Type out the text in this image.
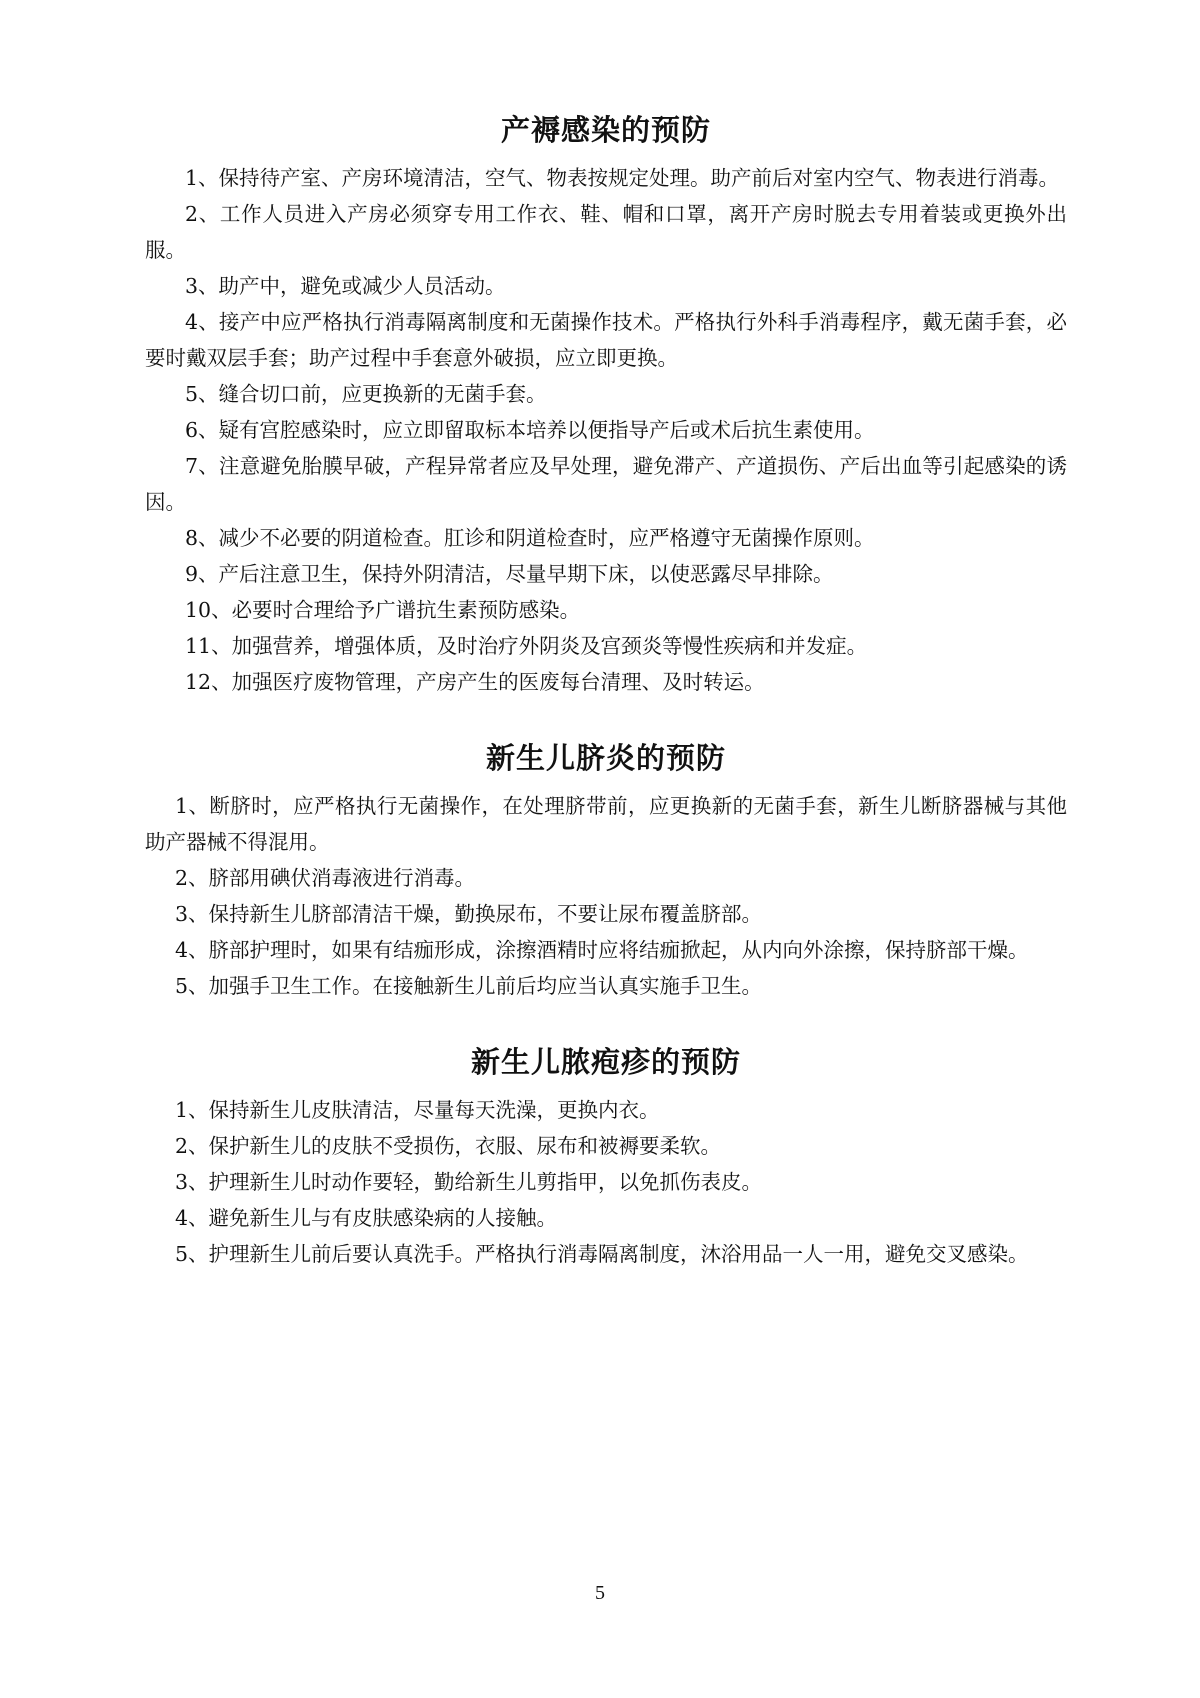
产褥感染的预防

1、保持待产室、产房环境清洁，空气、物表按规定处理。助产前后对室内空气、物表进行消毒。

2、工作人员进入产房必须穿专用工作衣、鞋、帽和口罩，离开产房时脱去专用着装或更换外出服。

3、助产中，避免或减少人员活动。

4、接产中应严格执行消毒隔离制度和无菌操作技术。严格执行外科手消毒程序，戴无菌手套，必要时戴双层手套；助产过程中手套意外破损，应立即更换。

5、缝合切口前，应更换新的无菌手套。

6、疑有宫腔感染时，应立即留取标本培养以便指导产后或术后抗生素使用。

7、注意避免胎膜早破，产程异常者应及早处理，避免滞产、产道损伤、产后出血等引起感染的诱因。

8、减少不必要的阴道检查。肛诊和阴道检查时，应严格遵守无菌操作原则。

9、产后注意卫生，保持外阴清洁，尽量早期下床，以使恶露尽早排除。

10、必要时合理给予广谱抗生素预防感染。

11、加强营养，增强体质，及时治疗外阴炎及宫颈炎等慢性疾病和并发症。

12、加强医疗废物管理，产房产生的医废每台清理、及时转运。

新生儿脐炎的预防

1、断脐时，应严格执行无菌操作，在处理脐带前，应更换新的无菌手套，新生儿断脐器械与其他助产器械不得混用。

2、脐部用碘伏消毒液进行消毒。

3、保持新生儿脐部清洁干燥，勤换尿布，不要让尿布覆盖脐部。

4、脐部护理时，如果有结痂形成，涂擦酒精时应将结痂掀起，从内向外涂擦，保持脐部干燥。

5、加强手卫生工作。在接触新生儿前后均应当认真实施手卫生。

新生儿脓疱疹的预防

1、保持新生儿皮肤清洁，尽量每天洗澡，更换内衣。

2、保护新生儿的皮肤不受损伤，衣服、尿布和被褥要柔软。

3、护理新生儿时动作要轻，勤给新生儿剪指甲，以免抓伤表皮。

4、避免新生儿与有皮肤感染病的人接触。

5、护理新生儿前后要认真洗手。严格执行消毒隔离制度，沐浴用品一人一用，避免交叉感染。

5
